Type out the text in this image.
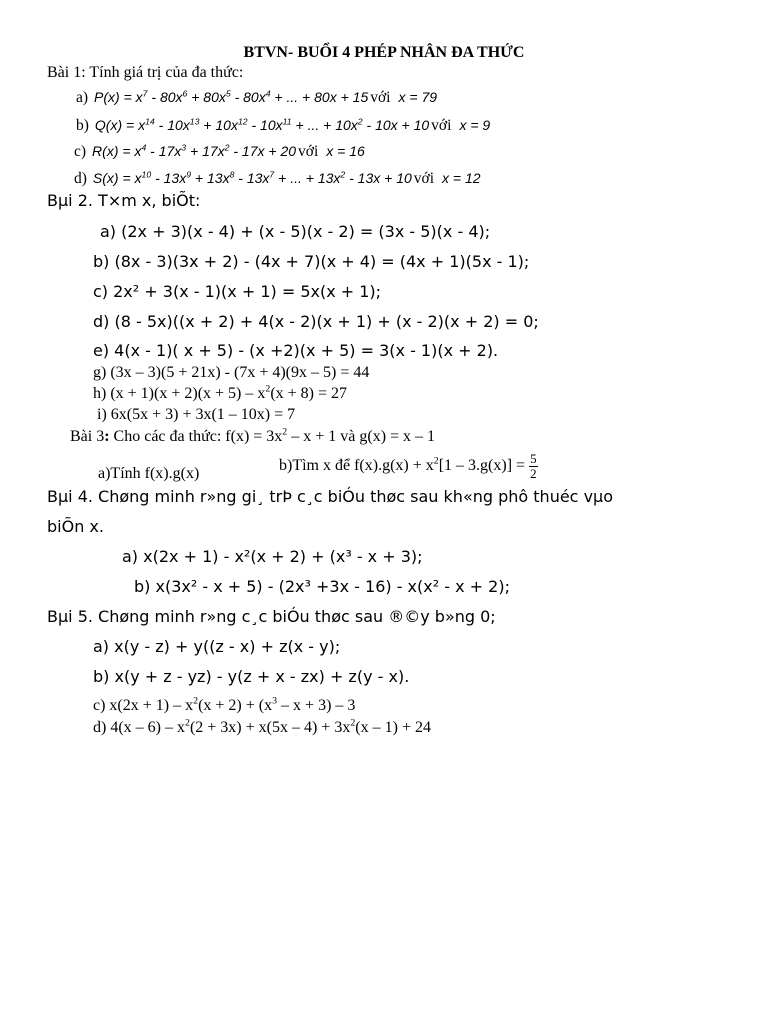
BTVN- BUỔI 4 PHÉP NHÂN ĐA THỨC
Bài 1: Tính giá trị của đa thức:
a) $P(x) = x^7 - 80x^6 + 80x^5 - 80x^4$ + ... + 80x + 15 với x = 79
b) $Q(x) = x^{14} - 10x^{13} + 10x^{12} - 10x^{11}$ + ... + $10x^2 - 10x + 10$ với x = 9
c) $R(x) = x^4 - 17x^3 + 17x^2 - 17x + 20$ với x = 16
d) $S(x) = x^{10} - 13x^9 + 13x^8 - 13x^7$ + ... + $13x^2 - 13x + 10$ với x = 12
Bµi 2. T×m x, biÕt:
a) (2x + 3)(x - 4) + (x - 5)(x - 2) = (3x - 5)(x - 4);
b) (8x - 3)(3x + 2) - (4x + 7)(x + 4) = (4x + 1)(5x - 1);
c) 2x² + 3(x - 1)(x + 1) = 5x(x + 1);
d) (8 - 5x)((x + 2) + 4(x - 2)(x + 1) + (x - 2)(x + 2) = 0;
e) 4(x - 1)( x + 5) - (x +2)(x + 5) = 3(x - 1)(x + 2).
g) (3x – 3)(5 + 21x) - (7x + 4)(9x – 5) = 44
h) $(x + 1)(x + 2)(x + 5) - x^2(x + 8) = 27$
i) 6x(5x + 3) + 3x(1 – 10x) = 7
Bài 3: Cho các đa thức: $f(x) = 3x^2 - x + 1$ và g(x) = x – 1
a)Tính f(x).g(x)	b)Tìm x để $f(x).g(x) + x^2[1 - 3.g(x)] = \frac{5}{2}$
Bµi 4. Chøng minh r»ng gi¸ trÞ c¸c biÓu thøc sau kh«ng phô thuéc vµo
biÕn x.
a) x(2x + 1) - x²(x + 2) + (x³ - x + 3);
b) x(3x² - x + 5) - (2x³ +3x - 16) - x(x² - x + 2);
Bµi 5. Chøng minh r»ng c¸c biÓu thøc sau ®©y b»ng 0;
a) x(y - z) + y((z - x) + z(x - y);
b) x(y + z - yz) - y(z + x - zx) + z(y - x).
c) $x(2x + 1) - x^2(x + 2) + (x^3 - x + 3) - 3$
d) $4(x - 6) - x^2(2 + 3x) + x(5x - 4) + 3x^2(x - 1) + 24$
